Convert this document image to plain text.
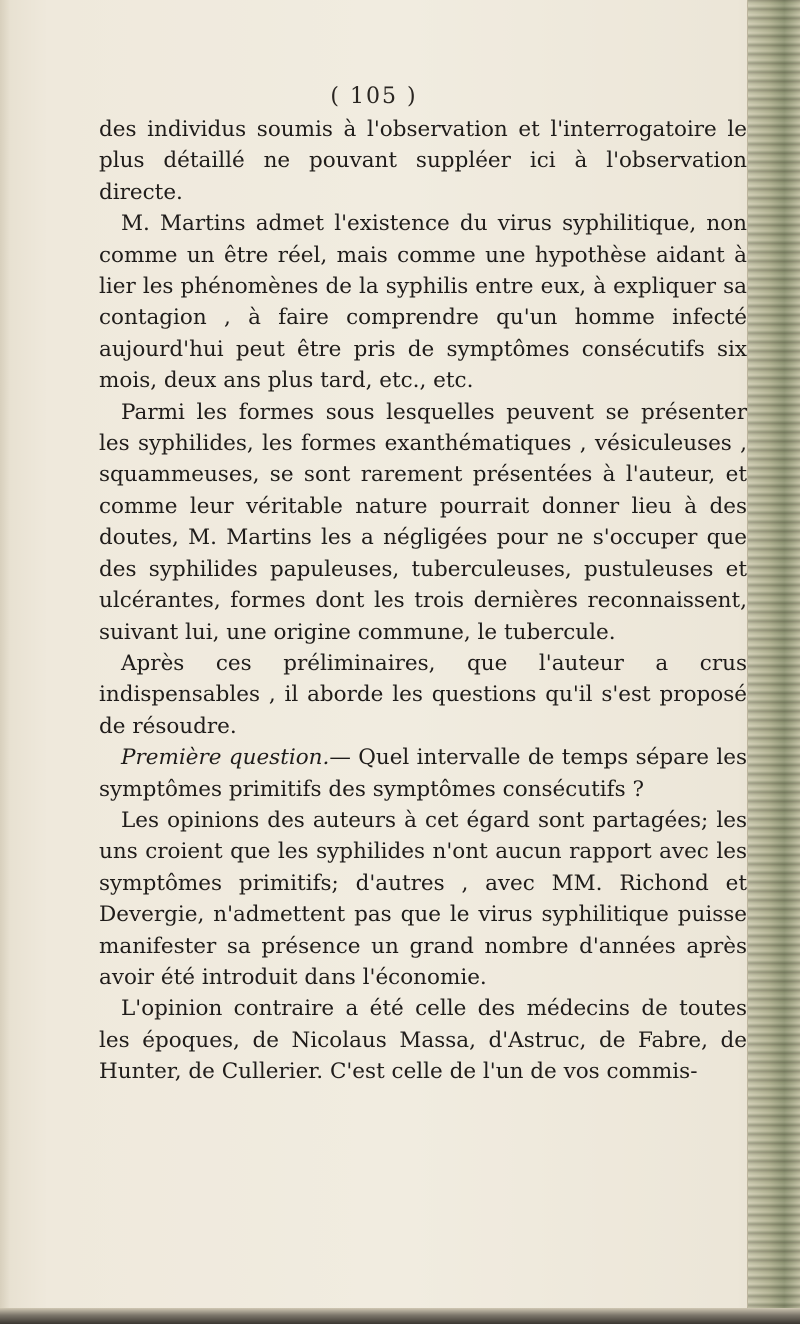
( 105 )

des individus soumis à l'observation et l'interrogatoire le plus détaillé ne pouvant suppléer ici à l'observation directe.

M. Martins admet l'existence du virus syphilitique, non comme un être réel, mais comme une hypothèse aidant à lier les phénomènes de la syphilis entre eux, à expliquer sa contagion , à faire comprendre qu'un homme infecté aujourd'hui peut être pris de symptômes consécutifs six mois, deux ans plus tard, etc., etc.

Parmi les formes sous lesquelles peuvent se présenter les syphilides, les formes exanthématiques , vésiculeuses , squammeuses, se sont rarement présentées à l'auteur, et comme leur véritable nature pourrait donner lieu à des doutes, M. Martins les a négligées pour ne s'occuper que des syphilides papuleuses, tuberculeuses, pustuleuses et ulcérantes, formes dont les trois dernières reconnaissent, suivant lui, une origine commune, le tubercule.

Après ces préliminaires, que l'auteur a crus indispensables , il aborde les questions qu'il s'est proposé de résoudre.

Première question.— Quel intervalle de temps sépare les symptômes primitifs des symptômes consécutifs ?

Les opinions des auteurs à cet égard sont partagées; les uns croient que les syphilides n'ont aucun rapport avec les symptômes primitifs; d'autres , avec MM. Richond et Devergie, n'admettent pas que le virus syphilitique puisse manifester sa présence un grand nombre d'années après avoir été introduit dans l'économie.

L'opinion contraire a été celle des médecins de toutes les époques, de Nicolaus Massa, d'Astruc, de Fabre, de Hunter, de Cullerier. C'est celle de l'un de vos commis-
